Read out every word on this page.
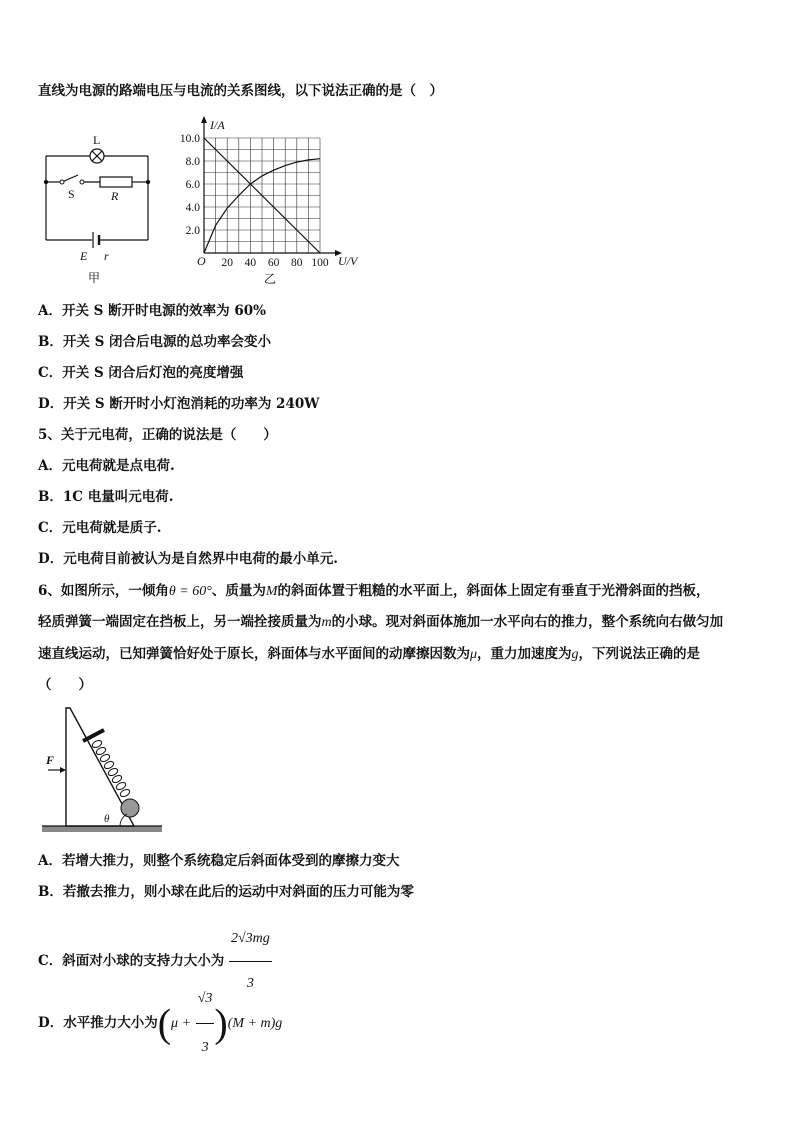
直线为电源的路端电压与电流的关系图线，以下说法正确的是（　）
L
S	R
E r
甲
2.0
4.0
6.0
8.0
10.0
20 40 60 80 100
I/A
U/V
O
乙
A．开关 S 断开时电源的效率为 60%
B．开关 S 闭合后电源的总功率会变小
C．开关 S 闭合后灯泡的亮度增强
D．开关 S 断开时小灯泡消耗的功率为 240W
5、关于元电荷，正确的说法是（　　）
A．元电荷就是点电荷.
B．1C 电量叫元电荷.
C．元电荷就是质子.
D．元电荷目前被认为是自然界中电荷的最小单元.
6、如图所示，一倾角θ = 60°、质量为M的斜面体置于粗糙的水平面上，斜面体上固定有垂直于光滑斜面的挡板，
轻质弹簧一端固定在挡板上，另一端拴接质量为m的小球。现对斜面体施加一水平向右的推力，整个系统向右做匀加
速直线运动，已知弹簧恰好处于原长，斜面体与水平面间的动摩擦因数为μ，重力加速度为g，下列说法正确的是
（　　）
F
θ
A．若增大推力，则整个系统稳定后斜面体受到的摩擦力变大
B．若撤去推力，则小球在此后的运动中对斜面的压力可能为零
C．斜面对小球的支持力大小为 $\frac{2√3mg}{3}$
D．水平推力大小为$(\mu + \frac{√3}{3} )(M + m)g$
